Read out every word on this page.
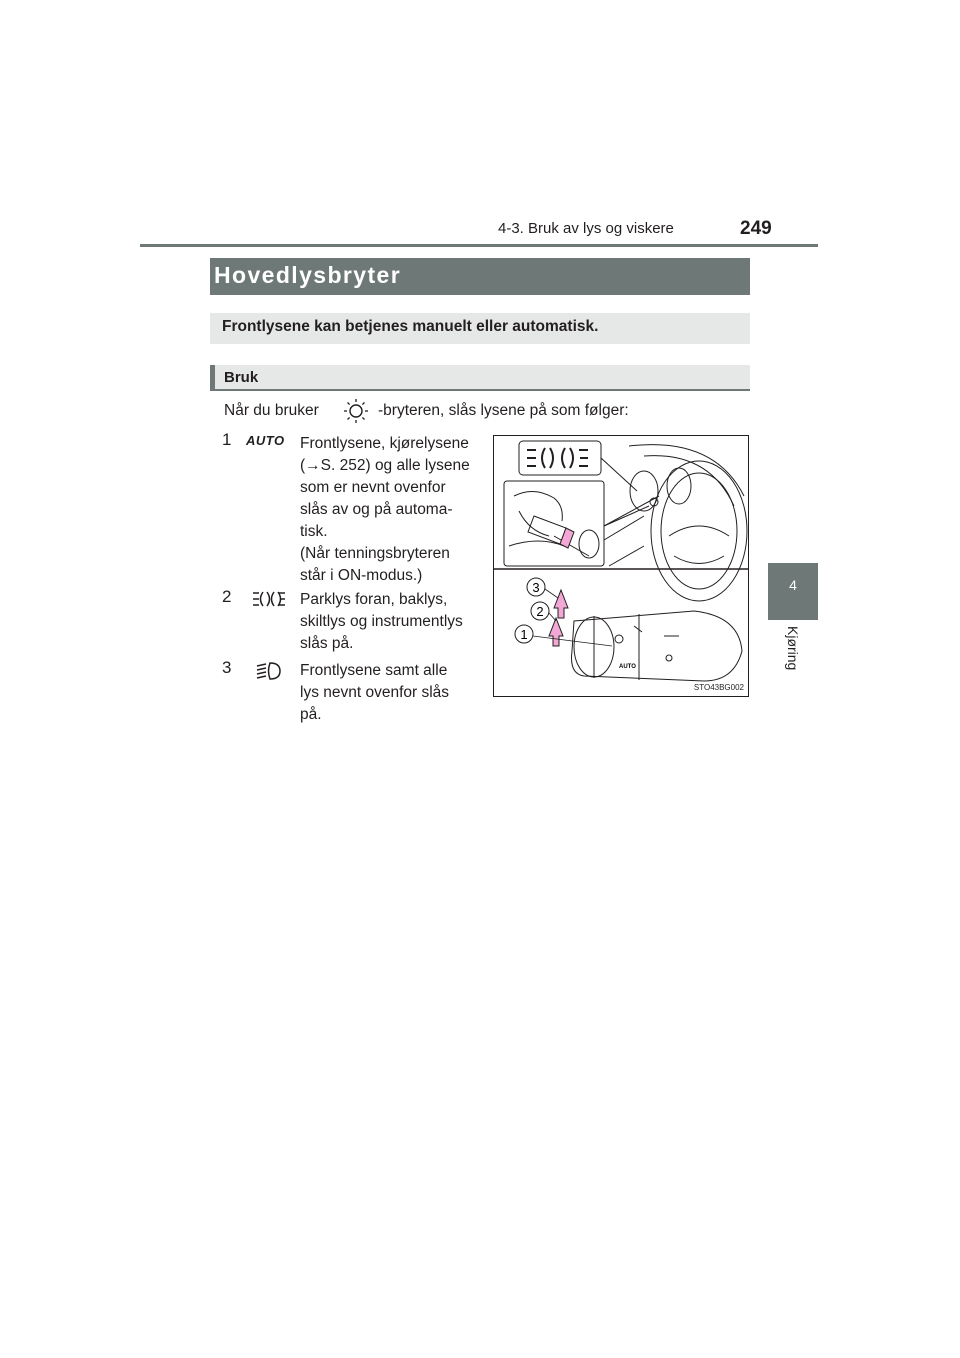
4-3. Bruk av lys og viskere	249
4
Kjøring
Hovedlysbryter
Frontlysene kan betjenes manuelt eller automatisk.
Bruk
Når du bruker	-bryteren, slås lysene på som følger:
1 AUTO Frontlysene, kjørelysene
(→S. 252) og alle lysene
som er nevnt ovenfor
slås av og på automa-
tisk.
(Når tenningsbryteren
står i ON-modus.)
2	Parklys foran, baklys,
skiltlys og instrumentlys
slås på.
3	Frontlysene samt alle
lys nevnt ovenfor slås
på.
AUTO
3
2
1
STO43BG002
